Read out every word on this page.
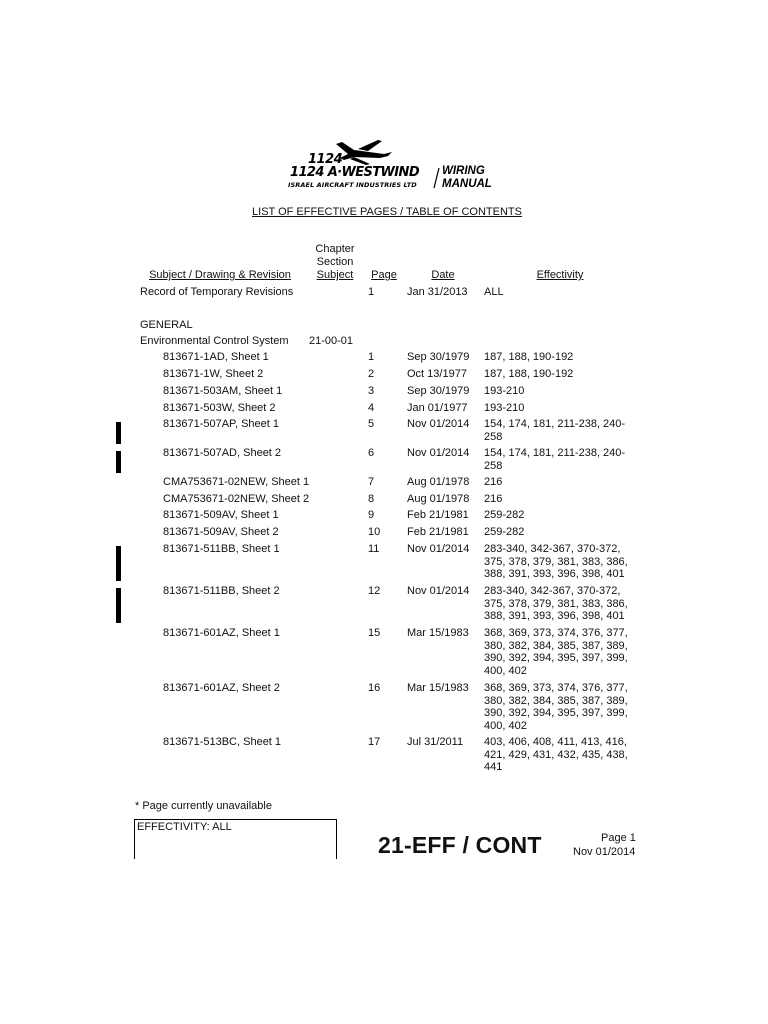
1124
1124 A·WESTWIND
ISRAEL AIRCRAFT INDUSTRIES LTD
WIRING
MANUAL
LIST OF EFFECTIVE PAGES / TABLE OF CONTENTS
Subject / Drawing & Revision
Chapter
Section
Subject	Page	Date	Effectivity
Record of Temporary Revisions	1	Jan 31/2013 ALL
GENERAL
Environmental Control System 21-00-01
813671-1AD, Sheet 1	1	Sep 30/1979 187, 188, 190-192
813671-1W, Sheet 2	2	Oct 13/1977 187, 188, 190-192
813671-503AM, Sheet 1	3	Sep 30/1979 193-210
813671-503W, Sheet 2	4	Jan 01/1977 193-210
813671-507AP, Sheet 1	5	Nov 01/2014 154, 174, 181, 211-238, 240-258
813671-507AD, Sheet 2	6	Nov 01/2014 154, 174, 181, 211-238, 240-258
CMA753671-02NEW, Sheet 1	7	Aug 01/1978 216
CMA753671-02NEW, Sheet 2	8	Aug 01/1978 216
813671-509AV, Sheet 1	9	Feb 21/1981 259-282
813671-509AV, Sheet 2	10 Feb 21/1981 259-282
813671-511BB, Sheet 1	11	Nov 01/2014 283-340, 342-367, 370-372, 375, 378, 379, 381, 383, 386, 388, 391, 393, 396, 398, 401
813671-511BB, Sheet 2	12 Nov 01/2014 283-340, 342-367, 370-372, 375, 378, 379, 381, 383, 386, 388, 391, 393, 396, 398, 401
813671-601AZ, Sheet 1	15 Mar 15/1983 368, 369, 373, 374, 376, 377, 380, 382, 384, 385, 387, 389, 390, 392, 394, 395, 397, 399, 400, 402
813671-601AZ, Sheet 2	16 Mar 15/1983 368, 369, 373, 374, 376, 377, 380, 382, 384, 385, 387, 389, 390, 392, 394, 395, 397, 399, 400, 402
813671-513BC, Sheet 1	17 Jul 31/2011 403, 406, 408, 411, 413, 416, 421, 429, 431, 432, 435, 438, 441
* Page currently unavailable
EFFECTIVITY: ALL
21-EFF / CONT	Page 1
Nov 01/2014
